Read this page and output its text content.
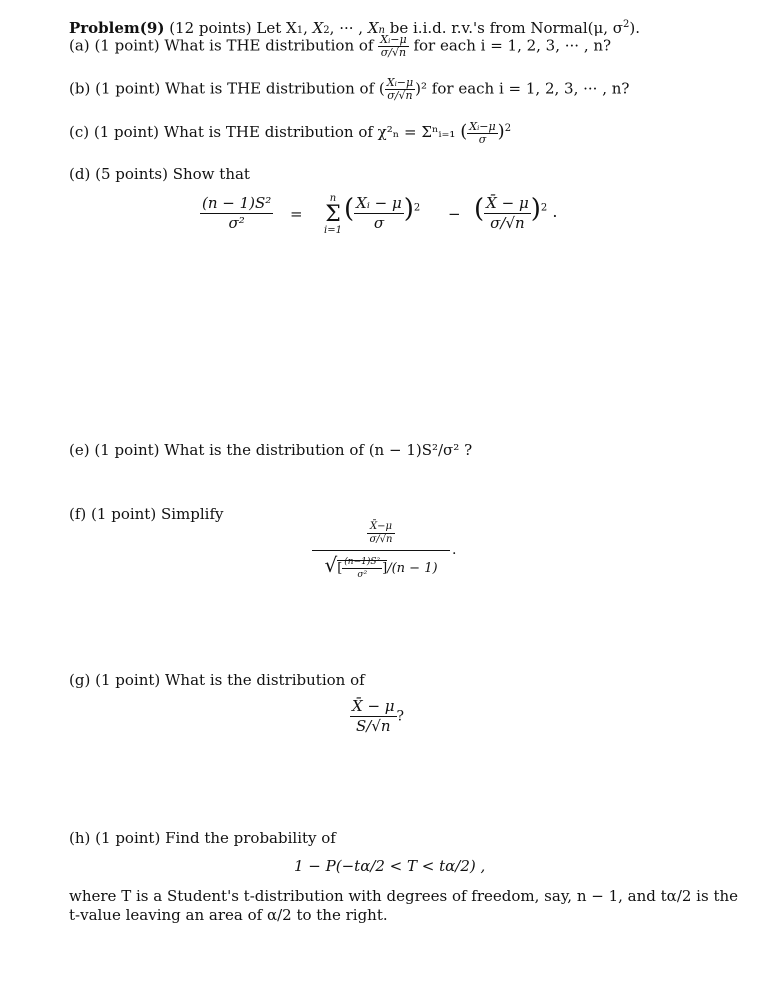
Problem(9) (12 points) Let X1, X2, ··· , Xn be i.i.d. r.v.'s from Normal(μ, $\sigma^2$).
(a) (1 point) What is THE distribution of $\frac{\text{Xᵢ−μ}}{\sigma/√n}$ for each i = 1, 2, 3, ··· , n?
(b) (1 point) What is THE distribution of ( $\frac{\text{Xᵢ−μ}}{\sigma/√n} )^2$ for each i = 1, 2, 3, ··· , n?
(c) (1 point) What is THE distribution of χ²ₙ = Σⁿᵢ₌₁ ( $\frac{\text{Xᵢ−μ}}{\sigma} )^2$
(d) (5 points) Show that
$\frac{\text{(n − 1)S²}}{\text{σ²}}$ =
n
Σ
i=1
( $\frac{\text{Xᵢ − μ}}{\sigma} )^2$ − ( $\frac{X̄ - \mu}{\sigma/√n} )^2$ .
(e) (1 point) What is the distribution of (n − 1)S²/σ² ?
(f) (1 point) Simplify
$\frac{X̄-\mu}{\sigma/√n}$
√[ $\frac{\text{(n−1)S²}}{\text{σ²}} ]/(n - 1)$
.
(g) (1 point) What is the distribution of
$\frac{X̄ - \mu}{S/√n}$ ?
(h) (1 point) Find the probability of
1 − P(−tα/2 < T < tα/2) ,
where T is a Student's t-distribution with degrees of freedom, say, n − 1, and tα/2 is the
t-value leaving an area of α/2 to the right.
